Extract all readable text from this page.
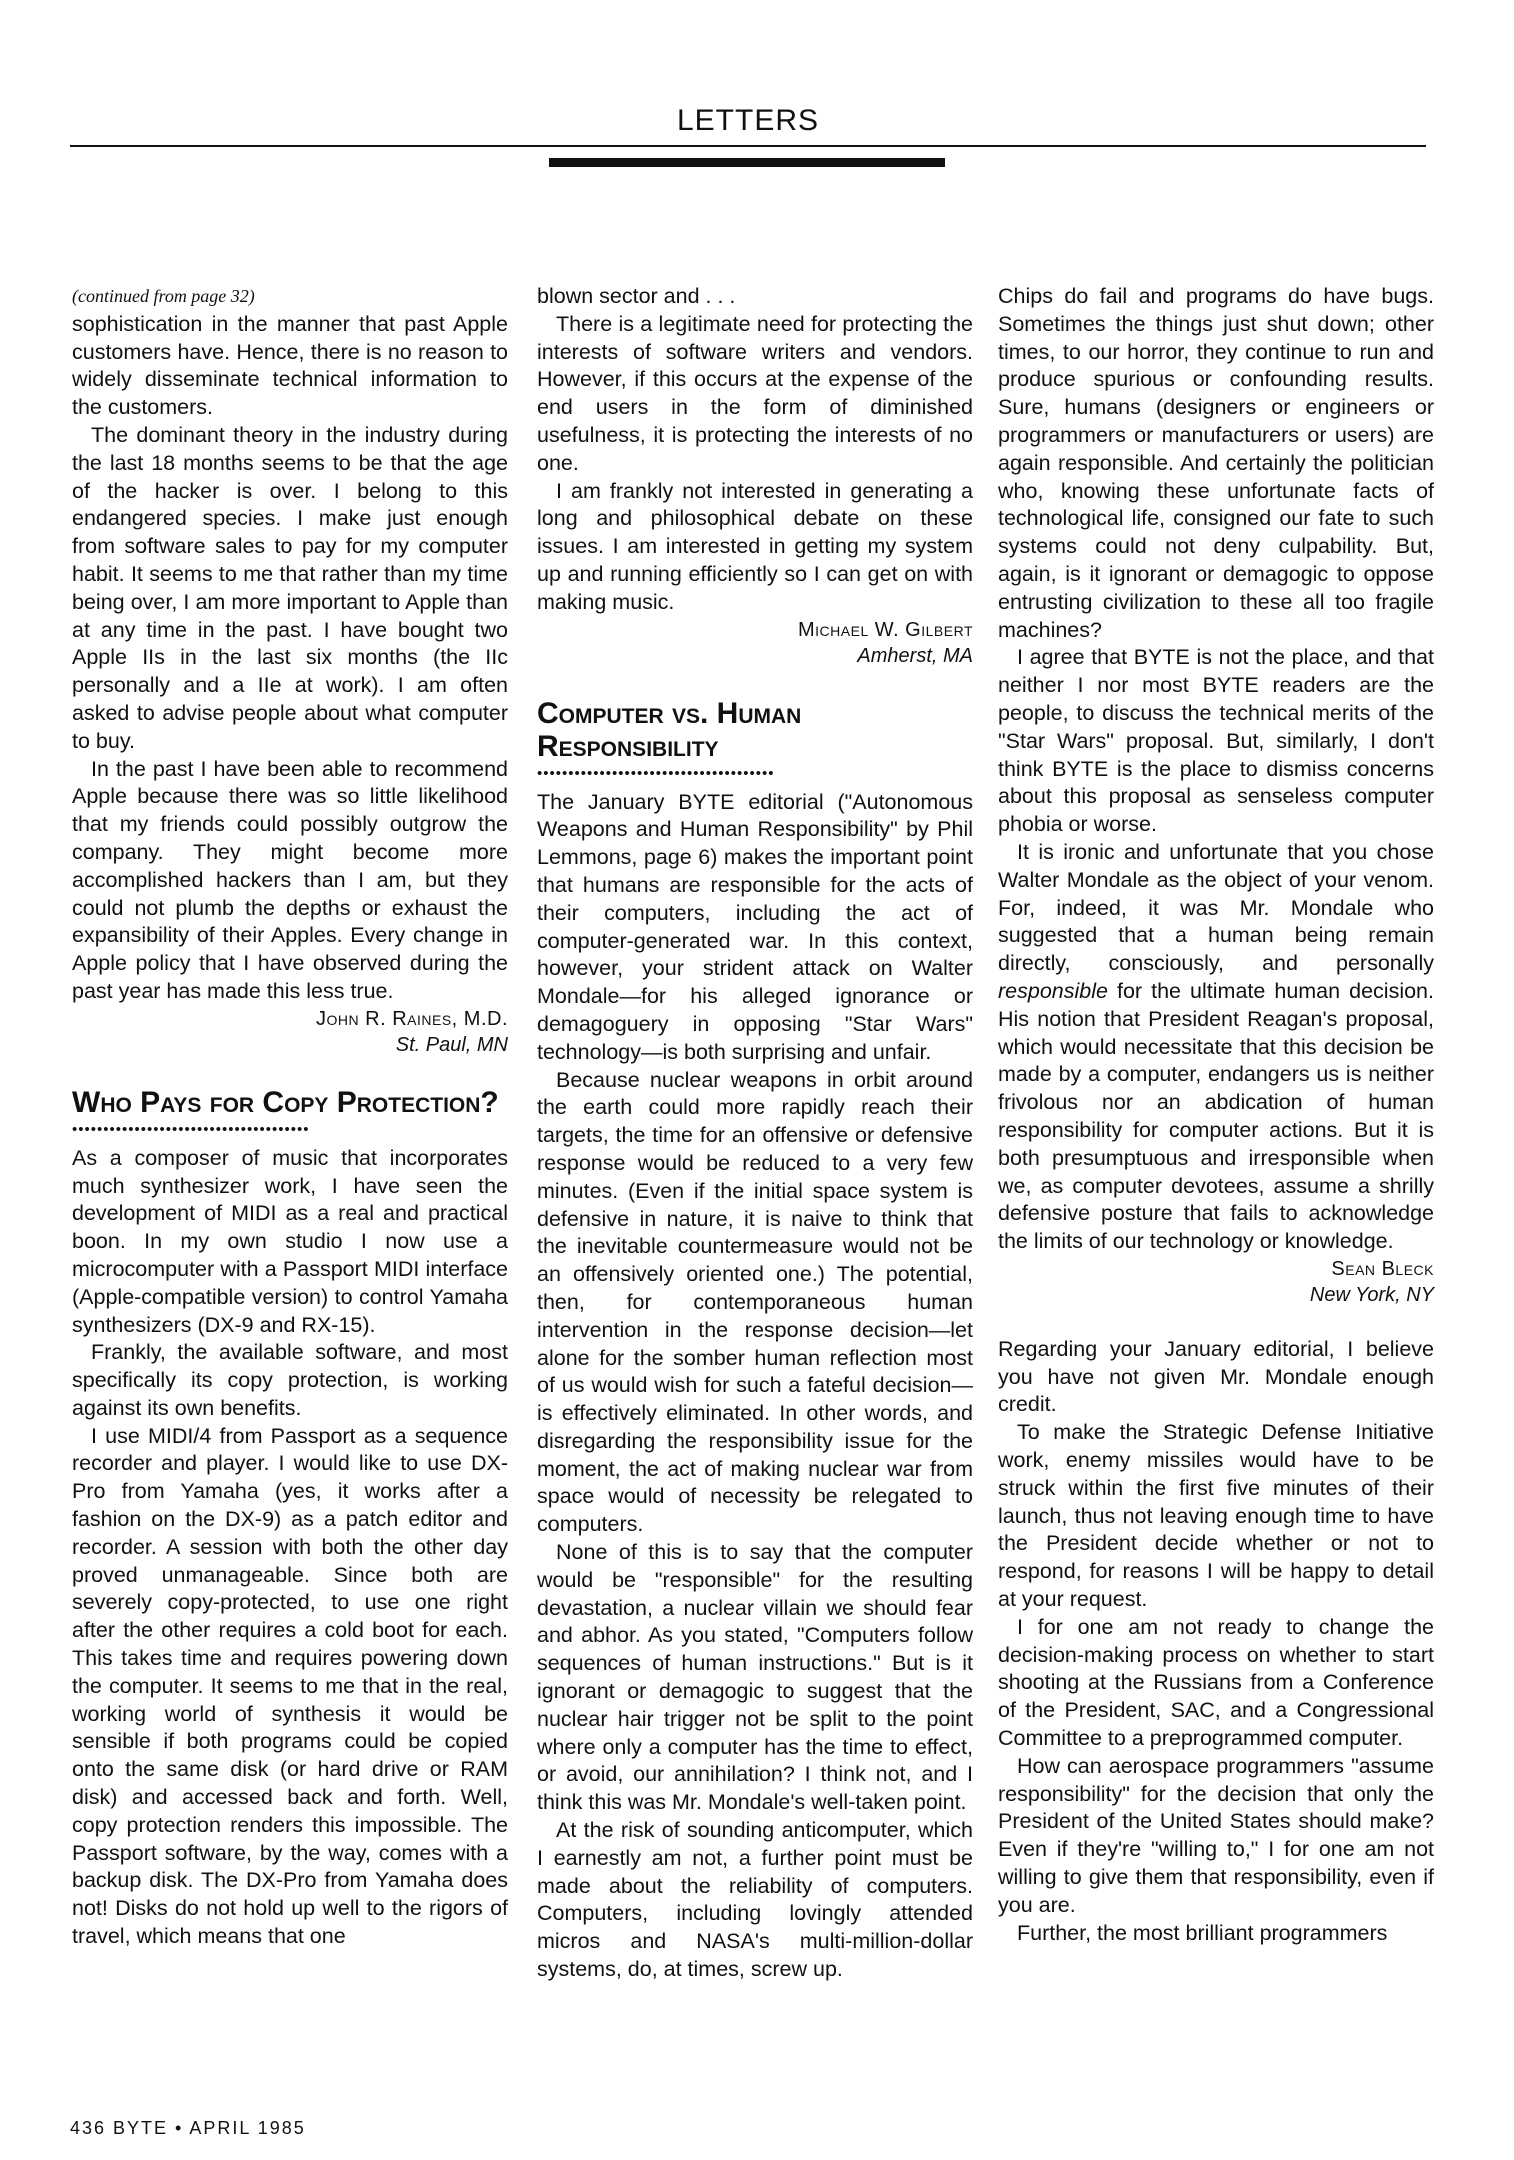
LETTERS

(continued from page 32)

sophistication in the manner that past Apple customers have. Hence, there is no reason to widely disseminate technical information to the customers.

The dominant theory in the industry during the last 18 months seems to be that the age of the hacker is over. I belong to this endangered species. I make just enough from software sales to pay for my computer habit. It seems to me that rather than my time being over, I am more important to Apple than at any time in the past. I have bought two Apple IIs in the last six months (the IIc personally and a IIe at work). I am often asked to advise people about what computer to buy.

In the past I have been able to recommend Apple because there was so little likelihood that my friends could possibly outgrow the company. They might become more accomplished hackers than I am, but they could not plumb the depths or exhaust the expansibility of their Apples. Every change in Apple policy that I have observed during the past year has made this less true.

John R. Raines, M.D.
St. Paul, MN
Who Pays for Copy Protection?
••••••••••••••••••••••••••••••••••••••

As a composer of music that incorporates much synthesizer work, I have seen the development of MIDI as a real and practical boon. In my own studio I now use a microcomputer with a Passport MIDI interface (Apple-compatible version) to control Yamaha synthesizers (DX-9 and RX-15).

Frankly, the available software, and most specifically its copy protection, is working against its own benefits.

I use MIDI/4 from Passport as a sequence recorder and player. I would like to use DX-Pro from Yamaha (yes, it works after a fashion on the DX-9) as a patch editor and recorder. A session with both the other day proved unmanageable. Since both are severely copy-protected, to use one right after the other requires a cold boot for each. This takes time and requires powering down the computer. It seems to me that in the real, working world of synthesis it would be sensible if both programs could be copied onto the same disk (or hard drive or RAM disk) and accessed back and forth. Well, copy protection renders this impossible. The Passport software, by the way, comes with a backup disk. The DX-Pro from Yamaha does not! Disks do not hold up well to the rigors of travel, which means that one

blown sector and . . .

There is a legitimate need for protecting the interests of software writers and vendors. However, if this occurs at the expense of the end users in the form of diminished usefulness, it is protecting the interests of no one.

I am frankly not interested in generating a long and philosophical debate on these issues. I am interested in getting my system up and running efficiently so I can get on with making music.

Michael W. Gilbert
Amherst, MA
Computer vs. Human Responsibility
••••••••••••••••••••••••••••••••••••••

The January BYTE editorial ("Autonomous Weapons and Human Responsibility" by Phil Lemmons, page 6) makes the important point that humans are responsible for the acts of their computers, including the act of computer-generated war. In this context, however, your strident attack on Walter Mondale—for his alleged ignorance or demagoguery in opposing "Star Wars" technology—is both surprising and unfair.

Because nuclear weapons in orbit around the earth could more rapidly reach their targets, the time for an offensive or defensive response would be reduced to a very few minutes. (Even if the initial space system is defensive in nature, it is naive to think that the inevitable countermeasure would not be an offensively oriented one.) The potential, then, for contemporaneous human intervention in the response decision—let alone for the somber human reflection most of us would wish for such a fateful decision—is effectively eliminated. In other words, and disregarding the responsibility issue for the moment, the act of making nuclear war from space would of necessity be relegated to computers.

None of this is to say that the computer would be "responsible" for the resulting devastation, a nuclear villain we should fear and abhor. As you stated, "Computers follow sequences of human instructions." But is it ignorant or demagogic to suggest that the nuclear hair trigger not be split to the point where only a computer has the time to effect, or avoid, our annihilation? I think not, and I think this was Mr. Mondale's well-taken point.

At the risk of sounding anticomputer, which I earnestly am not, a further point must be made about the reliability of computers. Computers, including lovingly attended micros and NASA's multi-million-dollar systems, do, at times, screw up.

Chips do fail and programs do have bugs. Sometimes the things just shut down; other times, to our horror, they continue to run and produce spurious or confounding results. Sure, humans (designers or engineers or programmers or manufacturers or users) are again responsible. And certainly the politician who, knowing these unfortunate facts of technological life, consigned our fate to such systems could not deny culpability. But, again, is it ignorant or demagogic to oppose entrusting civilization to these all too fragile machines?

I agree that BYTE is not the place, and that neither I nor most BYTE readers are the people, to discuss the technical merits of the "Star Wars" proposal. But, similarly, I don't think BYTE is the place to dismiss concerns about this proposal as senseless computer phobia or worse.

It is ironic and unfortunate that you chose Walter Mondale as the object of your venom. For, indeed, it was Mr. Mondale who suggested that a human being remain directly, consciously, and personally responsible for the ultimate human decision. His notion that President Reagan's proposal, which would necessitate that this decision be made by a computer, endangers us is neither frivolous nor an abdication of human responsibility for computer actions. But it is both presumptuous and irresponsible when we, as computer devotees, assume a shrilly defensive posture that fails to acknowledge the limits of our technology or knowledge.

Sean Bleck
New York, NY

Regarding your January editorial, I believe you have not given Mr. Mondale enough credit.

To make the Strategic Defense Initiative work, enemy missiles would have to be struck within the first five minutes of their launch, thus not leaving enough time to have the President decide whether or not to respond, for reasons I will be happy to detail at your request.

I for one am not ready to change the decision-making process on whether to start shooting at the Russians from a Conference of the President, SAC, and a Congressional Committee to a preprogrammed computer.

How can aerospace programmers "assume responsibility" for the decision that only the President of the United States should make? Even if they're "willing to," I for one am not willing to give them that responsibility, even if you are.

Further, the most brilliant programmers

436 BYTE • APRIL 1985
